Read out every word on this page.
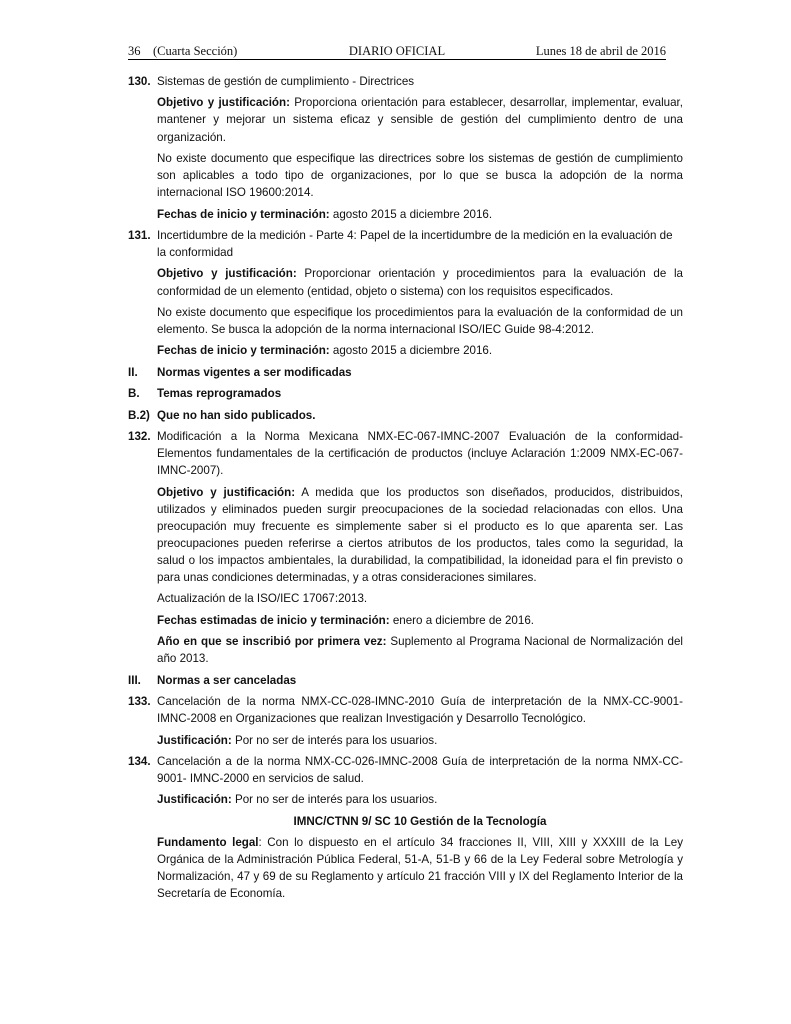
36    (Cuarta Sección)	DIARIO OFICIAL	Lunes 18 de abril de 2016
130. Sistemas de gestión de cumplimiento - Directrices

Objetivo y justificación: Proporciona orientación para establecer, desarrollar, implementar, evaluar, mantener y mejorar un sistema eficaz y sensible de gestión del cumplimiento dentro de una organización.

No existe documento que especifique las directrices sobre los sistemas de gestión de cumplimiento son aplicables a todo tipo de organizaciones, por lo que se busca la adopción de la norma internacional ISO 19600:2014.

Fechas de inicio y terminación: agosto 2015 a diciembre 2016.

131. Incertidumbre de la medición - Parte 4: Papel de la incertidumbre de la medición en la evaluación de la conformidad

Objetivo y justificación: Proporcionar orientación y procedimientos para la evaluación de la conformidad de un elemento (entidad, objeto o sistema) con los requisitos especificados.

No existe documento que especifique los procedimientos para la evaluación de la conformidad de un elemento. Se busca la adopción de la norma internacional ISO/IEC Guide 98-4:2012.

Fechas de inicio y terminación: agosto 2015 a diciembre 2016.

II.	Normas vigentes a ser modificadas
B.	Temas reprogramados
B.2) Que no han sido publicados.
132. Modificación a la Norma Mexicana NMX-EC-067-IMNC-2007 Evaluación de la conformidad-Elementos fundamentales de la certificación de productos (incluye Aclaración 1:2009 NMX-EC-067-IMNC-2007).

Objetivo y justificación: A medida que los productos son diseñados, producidos, distribuidos, utilizados y eliminados pueden surgir preocupaciones de la sociedad relacionadas con ellos. Una preocupación muy frecuente es simplemente saber si el producto es lo que aparenta ser. Las preocupaciones pueden referirse a ciertos atributos de los productos, tales como la seguridad, la salud o los impactos ambientales, la durabilidad, la compatibilidad, la idoneidad para el fin previsto o para unas condiciones determinadas, y a otras consideraciones similares.

Actualización de la ISO/IEC 17067:2013.

Fechas estimadas de inicio y terminación: enero a diciembre de 2016.

Año en que se inscribió por primera vez: Suplemento al Programa Nacional de Normalización del año 2013.

III.	Normas a ser canceladas
133. Cancelación de la norma NMX-CC-028-IMNC-2010 Guía de interpretación de la NMX-CC-9001-IMNC-2008 en Organizaciones que realizan Investigación y Desarrollo Tecnológico.

Justificación: Por no ser de interés para los usuarios.

134. Cancelación a de la norma NMX-CC-026-IMNC-2008 Guía de interpretación de la norma NMX-CC-9001- IMNC-2000 en servicios de salud.

Justificación: Por no ser de interés para los usuarios.

IMNC/CTNN 9/ SC 10 Gestión de la Tecnología

Fundamento legal: Con lo dispuesto en el artículo 34 fracciones II, VIII, XIII y XXXIII de la Ley Orgánica de la Administración Pública Federal, 51-A, 51-B y 66 de la Ley Federal sobre Metrología y Normalización, 47 y 69 de su Reglamento y artículo 21 fracción VIII y IX del Reglamento Interior de la Secretaría de Economía.
